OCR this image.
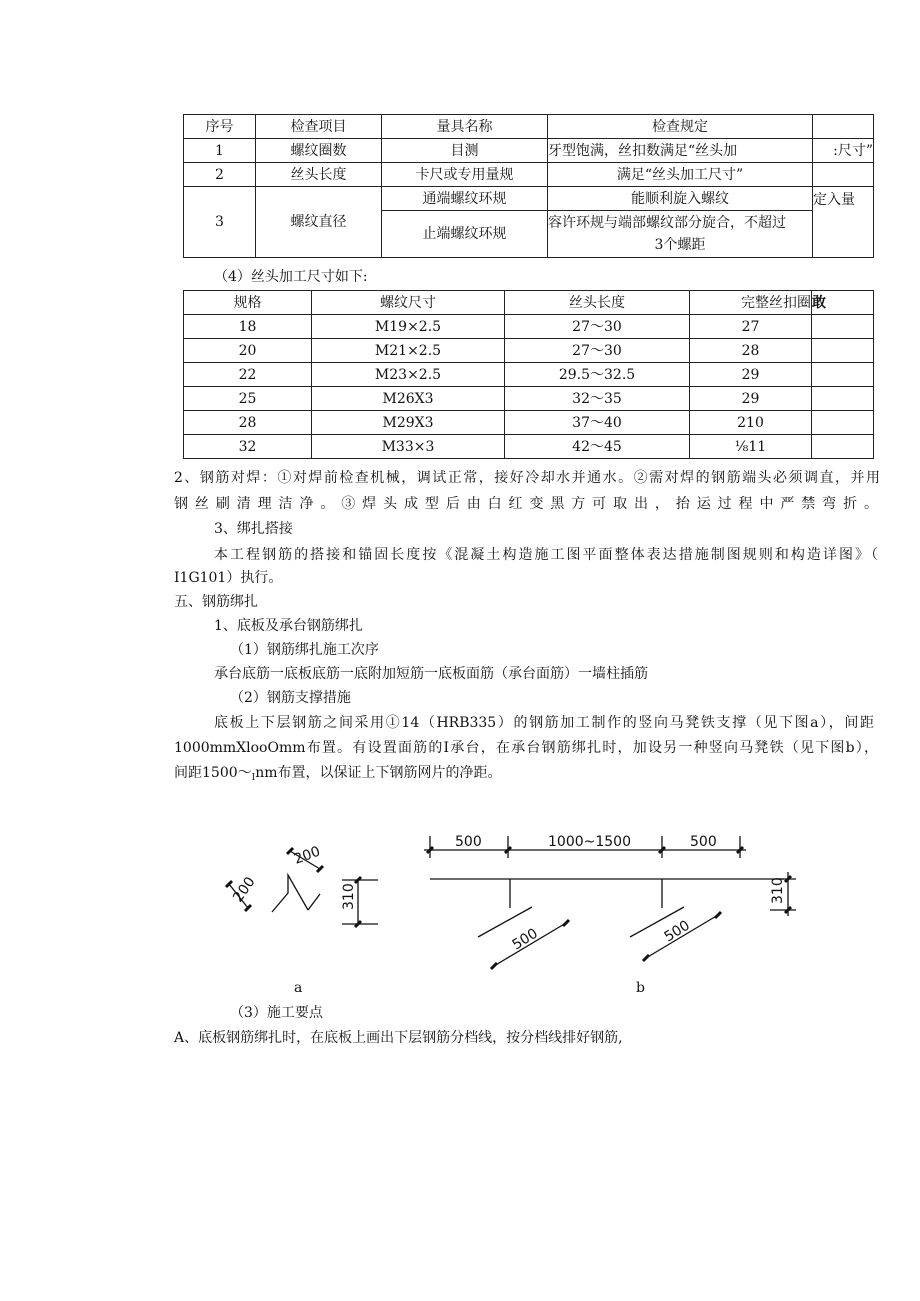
序号	检查项目	量具名称	检查规定	
1	螺纹圈数	目测	牙型饱满，丝扣数满足“丝头加	:尺寸”
2	丝头长度	卡尺或专用量规	满足“丝头加工尺寸”	
3	螺纹直径	通端螺纹环规	能顺利旋入螺纹	定入量
		止端螺纹环规	容许环规与端部螺纹部分旋合，不超过
3个螺距	
（4）丝头加工尺寸如下:
规格	螺纹尺寸	丝头长度	完整丝扣圈	敢
18	M19×2.5	27～30	27	
20	M21×2.5	27～30	28	
22	M23×2.5	29.5～32.5	29	
25	M26X3	32～35	29	
28	M29X3	37～40	210	
32	M33×3	42～45	⅛11	
2、钢筋对焊：①对焊前检查机械，调试正常，接好冷却水并通水。②需对焊的钢筋端头必须调直，并用
钢丝刷清理洁净。③焊头成型后由白红变黑方可取出，抬运过程中严禁弯折。
3、绑扎搭接
本工程钢筋的搭接和锚固长度按《混凝土构造施工图平面整体表达措施制图规则和构造详图》（
I1G101）执行。
五、钢筋绑扎
1、底板及承台钢筋绑扎
（1）钢筋绑扎施工次序
承台底筋一底板底筋一底附加短筋一底板面筋（承台面筋）一墙柱插筋
（2）钢筋支撑措施
底板上下层钢筋之间采用①14（HRB335）的钢筋加工制作的竖向马凳铁支撑（见下图a），间距
1000mmXlooOmm布置。有设置面筋的I承台，在承台钢筋绑扎时，加设另一种竖向马凳铁（见下图b），
间距$1500\sim_Inm$布置，以保证上下钢筋网片的净距。
200
200
310
a
500	1000~1500	500
310
500	500
b
（3）施工要点
A、底板钢筋绑扎时，在底板上画出下层钢筋分档线，按分档线排好钢筋,
